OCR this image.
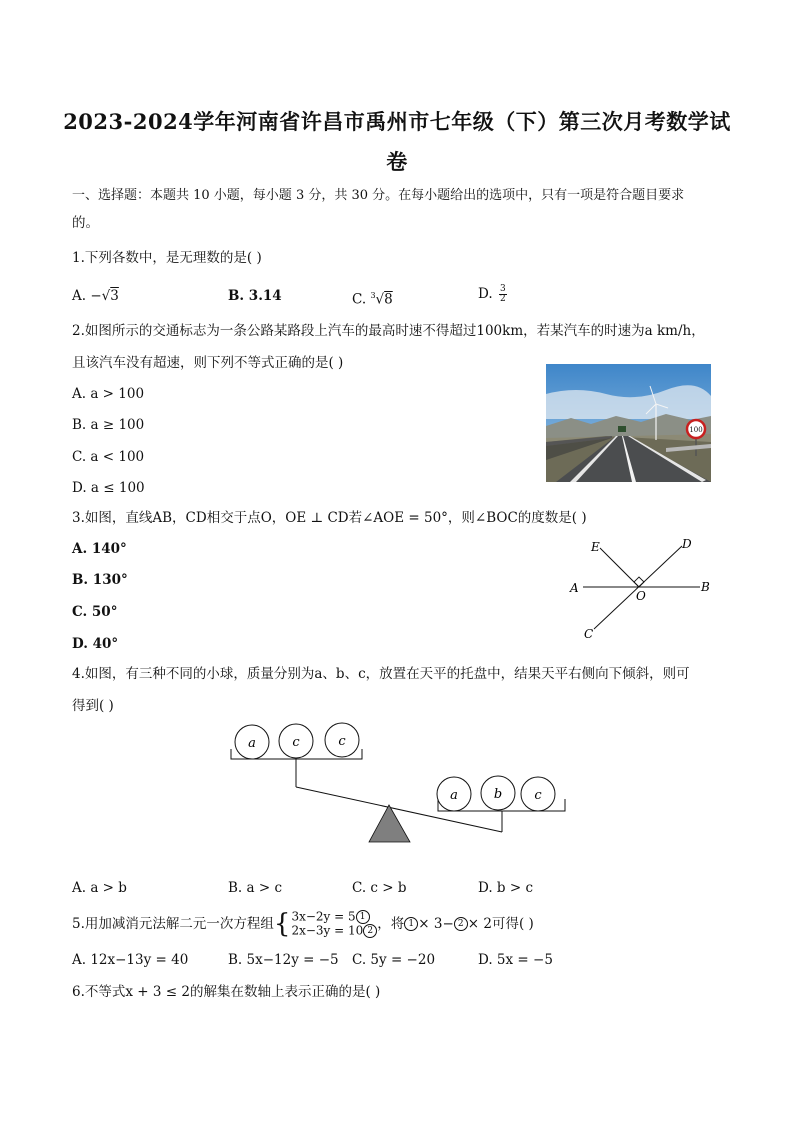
2023-2024学年河南省许昌市禹州市七年级（下）第三次月考数学试
卷
一、选择题：本题共 10 小题，每小题 3 分，共 30 分。在每小题给出的选项中，只有一项是符合题目要求
的。
1.下列各数中，是无理数的是( )
A. −√3	B. 3.14	C. $^3$√8	D. $\frac{3}{2}$
2.如图所示的交通标志为一条公路某路段上汽车的最高时速不得超过100km，若某汽车的时速为a km/h，
且该汽车没有超速，则下列不等式正确的是( )
A. a > 100
B. a ≥ 100
C. a < 100
D. a ≤ 100
100
3.如图，直线AB，CD相交于点O，OE ⊥ CD若∠AOE = 50°，则∠BOC的度数是( )
A. 140°
B. 130°
C. 50°
D. 40°
E	D
A
O
B
C
4.如图，有三种不同的小球，质量分别为a、b、c，放置在天平的托盘中，结果天平右侧向下倾斜，则可
得到( )
a	c	c
a	b c
A. a > b	B. a > c	C. c > b	D. b > c
5.用加减消元法解二元一次方程组{3x−2y = 5 1
2x−3y = 10 2 ，将 1 × 3− 2 × 2可得( )
A. 12x−13y = 40	B. 5x−12y = −5 C. 5y = −20	D. 5x = −5
6.不等式x + 3 ≤ 2的解集在数轴上表示正确的是( )
